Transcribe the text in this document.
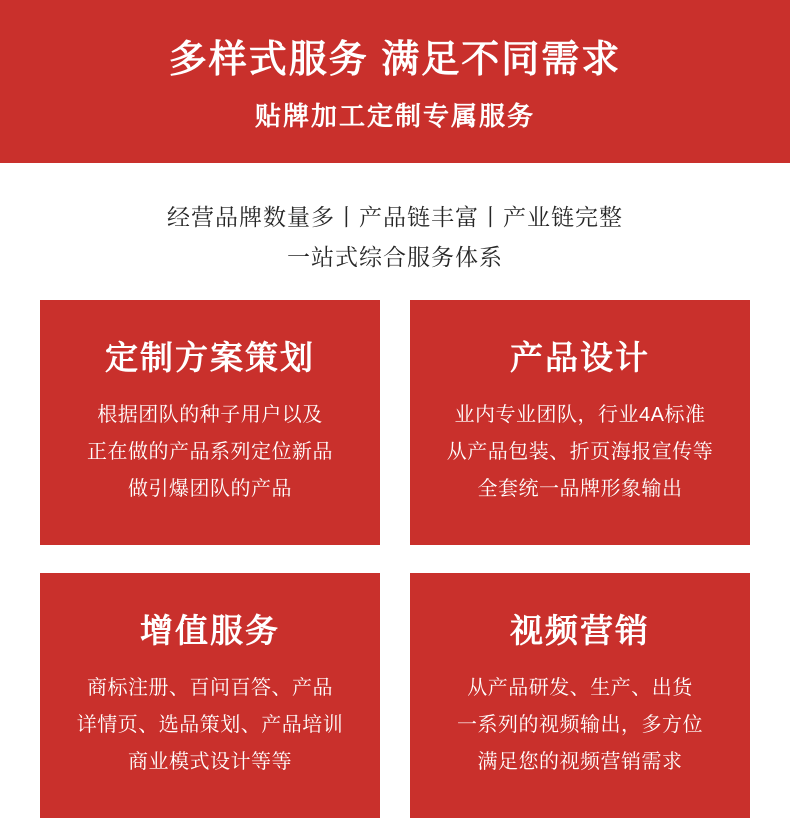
多样式服务 满足不同需求
贴牌加工定制专属服务
经营品牌数量多丨产品链丰富丨产业链完整
一站式综合服务体系
定制方案策划
根据团队的种子用户以及
正在做的产品系列定位新品
做引爆团队的产品
产品设计
业内专业团队，行业4A标准
从产品包装、折页海报宣传等
全套统一品牌形象输出
增值服务
商标注册、百问百答、产品
详情页、选品策划、产品培训
商业模式设计等等
视频营销
从产品研发、生产、出货
一系列的视频输出，多方位
满足您的视频营销需求
